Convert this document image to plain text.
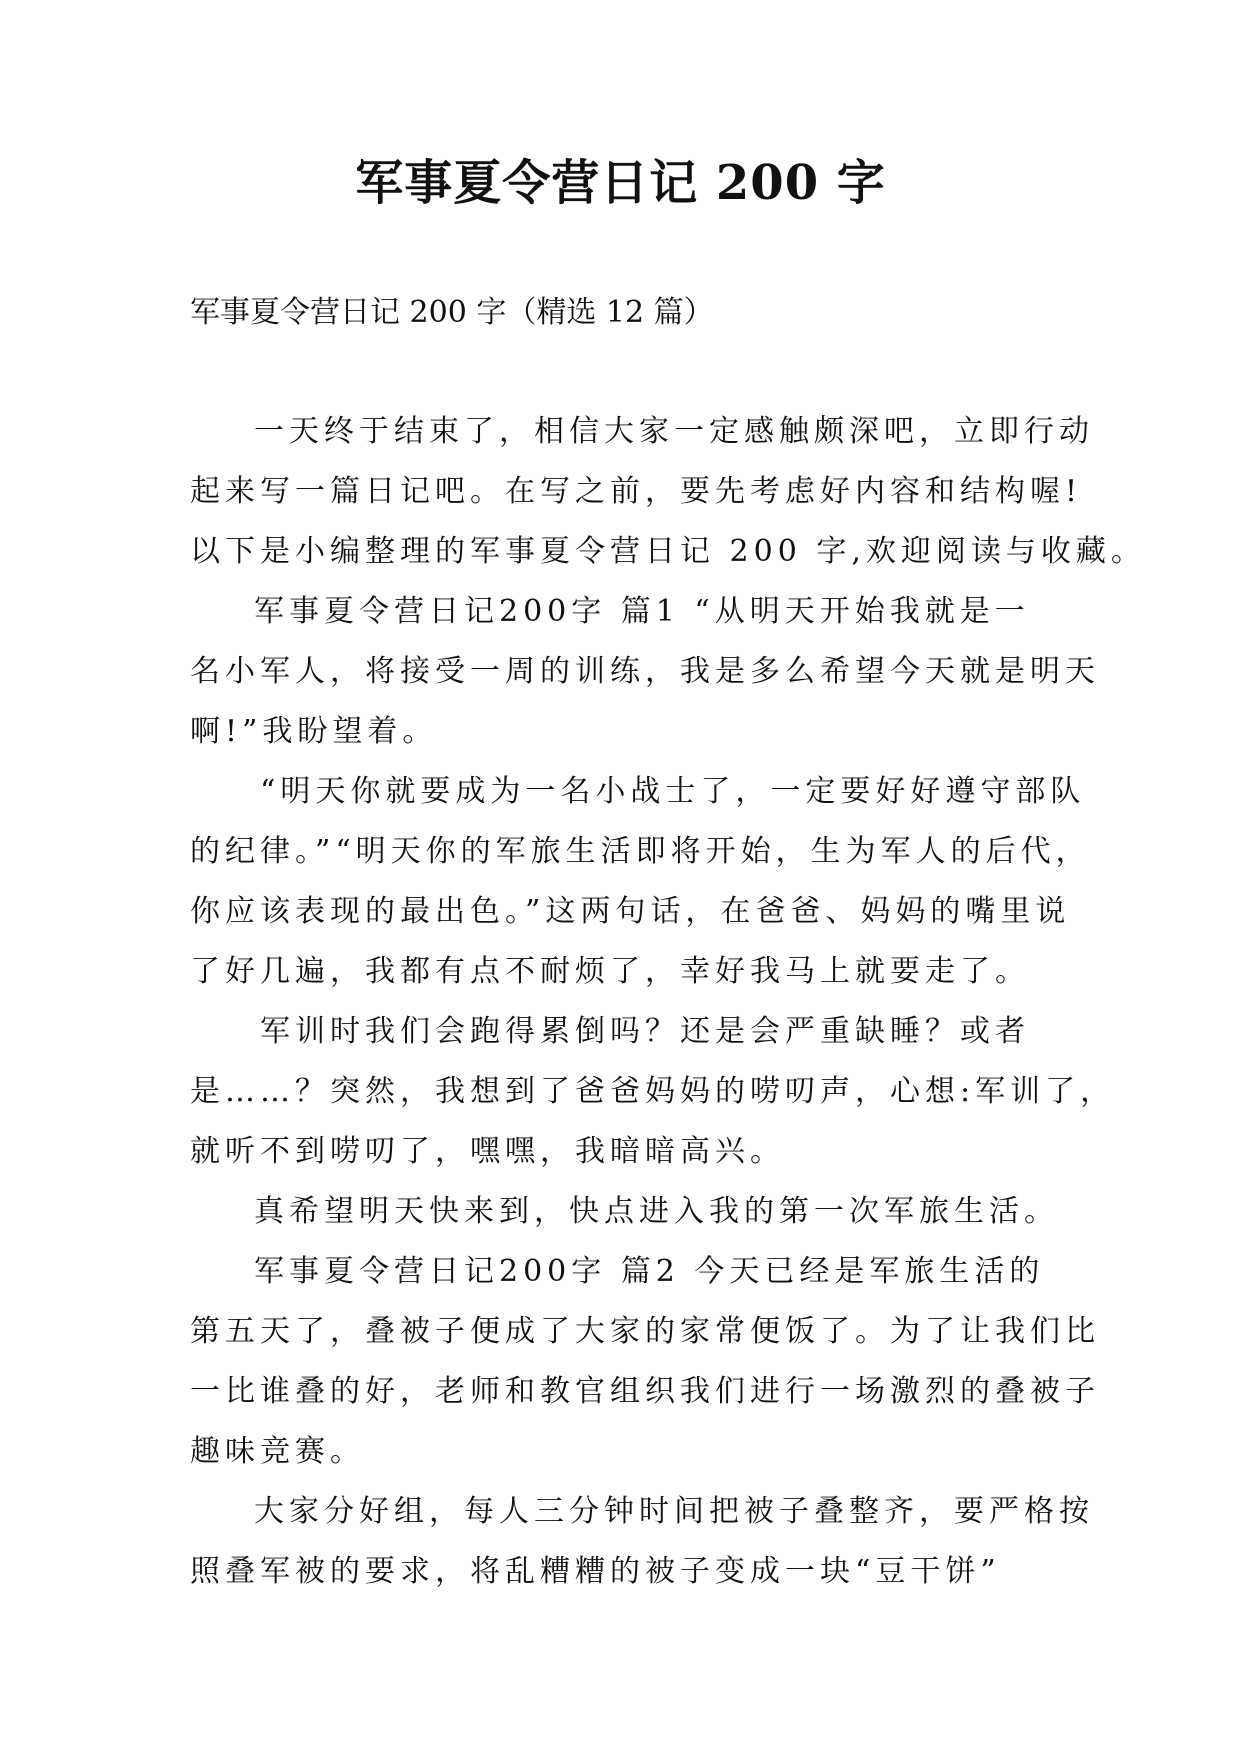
军事夏令营日记 200 字
军事夏令营日记 200 字（精选 12 篇）
一天终于结束了，相信大家一定感触颇深吧，立即行动
起来写一篇日记吧。在写之前，要先考虑好内容和结构喔!
以下是小编整理的军事夏令营日记 200 字,欢迎阅读与收藏。
军事夏令营日记200字 篇1 “从明天开始我就是一
名小军人，将接受一周的训练，我是多么希望今天就是明天
啊!”我盼望着。
“明天你就要成为一名小战士了，一定要好好遵守部队
的纪律。”“明天你的军旅生活即将开始，生为军人的后代，
你应该表现的最出色。”这两句话，在爸爸、妈妈的嘴里说
了好几遍，我都有点不耐烦了，幸好我马上就要走了。
军训时我们会跑得累倒吗？还是会严重缺睡？或者
是……？突然，我想到了爸爸妈妈的唠叨声，心想:军训了，
就听不到唠叨了，嘿嘿，我暗暗高兴。
真希望明天快来到，快点进入我的第一次军旅生活。
军事夏令营日记200字 篇2 今天已经是军旅生活的
第五天了，叠被子便成了大家的家常便饭了。为了让我们比
一比谁叠的好，老师和教官组织我们进行一场激烈的叠被子
趣味竞赛。
大家分好组，每人三分钟时间把被子叠整齐，要严格按
照叠军被的要求，将乱糟糟的被子变成一块“豆干饼”
